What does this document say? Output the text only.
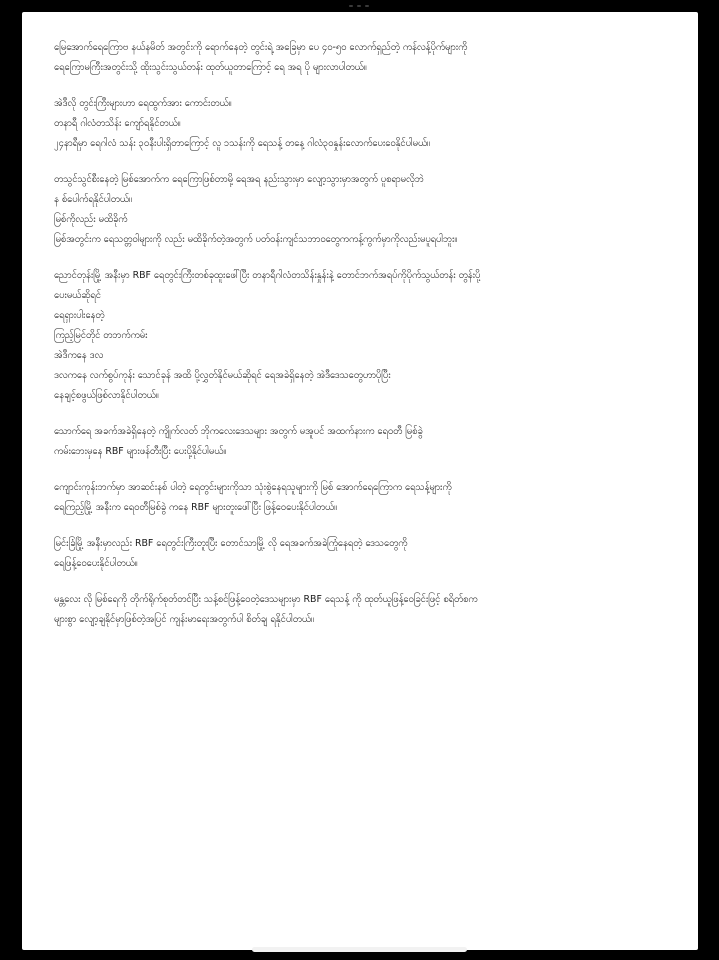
မြေအောက်ရေကြောဗ နယ်နမိတ် အတွင်းကို ရောက်နေတဲ့ တွင်းရဲ့ အခြေမှာ ပေ ၄၀-၅၀ လောက်ရှည်တဲ့ ကန်လန့်ပိုက်များကို
ရေကြောမကြီးအတွင်းသို့ ထိုးသွင်းသွယ်တန်း ထုတ်ယူတာကြောင့် ရေ အရ ပို များလာပါတယ်။
အဲဒီလို တွင်းကြီးများဟာ ရေထွက်အား ကောင်းတယ်။
တနာရီ ဂါလံတသိန်း ကျော်ရနိုင်တယ်။
၂၄နာရီမှာ ရေဂါလံ သန်း ၃၀နီးပါးရှိတာကြောင့် လူ ၁သန်းကို ရေသန့် တနေ့ ဂါလံ၃၀နှုန်းလောက်ပေးဝေနိုင်ပါမယ်။
တသွင်သွင်စီးနေတဲ့ မြစ်အောက်က ရေကြောဖြစ်တာမို့ ရေအရ နည်းသွားမှာ လျော့သွားမှာအတွက် ပူစရာမလိုဘဲ
န စ်ပေါက်ရနိုင်ပါတယ်။
မြစ်ကိုလည်း မထိခိုက်
မြစ်အတွင်းက ရေသတ္တဝါများကို လည်း မထိခိုက်တဲ့အတွက် ပတ်ဝန်းကျင်သဘာဝတွေကကန့်ကွက်မှာကိုလည်းမပူရပါဘူး။
ညောင်တုန်းမြို့ အနီးမှာ RBF ရေတွင်းကြီးတစ်ခုထူးဖေါ်ပြီး တနာရီဂါလံတသိန်းနှုန်းနဲ့ တောင်ဘက်အရပ်ကိုပိုက်သွယ်တန်း တွန်းပို့
ပေးမယ်ဆိုရင်
ရေရှားပါးနေတဲ့
ကြည့်မြင်တိုင် တဘက်ကမ်း
အဲဒီကနေ ဒလ
ဒလကနေ လက်စွပ်ကုန်း သောင်ခုန် အထိ ပို့လွှတ်နိုင်မယ်ဆိုရင် ရေအခဲရှိနေတဲ့ အဲဒီဒေသတွေဟာပိုပြီး
နေချင့်စဖွယ်ဖြစ်လာနိုင်ပါတယ်။
သောက်ရေ အခက်အခဲရှိနေတဲ့ ကျိုက်လတ် ဘိုကလေးဒေသများ အတွက် မအူပင် အထက်နားက ရေဝတီ မြစ်ခွဲ
ကမ်းဘေးမှနေ RBF များဖန်တီးပြီး ပေးပို့နိုင်ပါမယ်။
ကျောင်းကုန်းဘက်မှာ အာဆင်းနစ် ပါတဲ့ ရေတွင်းများကိုသာ သုံးစွဲနေရသူများကို မြစ် အောက်ရေကြောက ရေသန့်များကို
ရေကြည့်မြို့ အနီးက ရေဝတီမြစ်ခွဲ ကနေ RBF များတူးဖေါ်ပြီး ဖြန့်ဝေပေးနိုင်ပါတယ်။
မြင်းခြံမြို့ အနီးမှာလည်း RBF ရေတွင်းကြီးတူးပြီး တောင်သာမြို့ လို ရေအခက်အခဲကြုံနေရတဲ့ ဒေသတွေကို
ရေဖြန့်ဝေပေးနိုင်ပါတယ်။
မန္တလေး လို မြစ်ရေကို တိုက်ရိုက်စုတ်တင်ပြီး သန့်စင်ဖြန့်ဝေတဲ့ဒေသများမှာ RBF ရေသန့် ကို ထုတ်ယူဖြန့်ဝေခြင်းဖြင့် စရိတ်စက
များစွာ လျော့ချနိုင်မှာဖြစ်တဲ့အပြင် ကျန်းမာရေးအတွက်ပါ စိတ်ချ ရနိုင်ပါတယ်။
